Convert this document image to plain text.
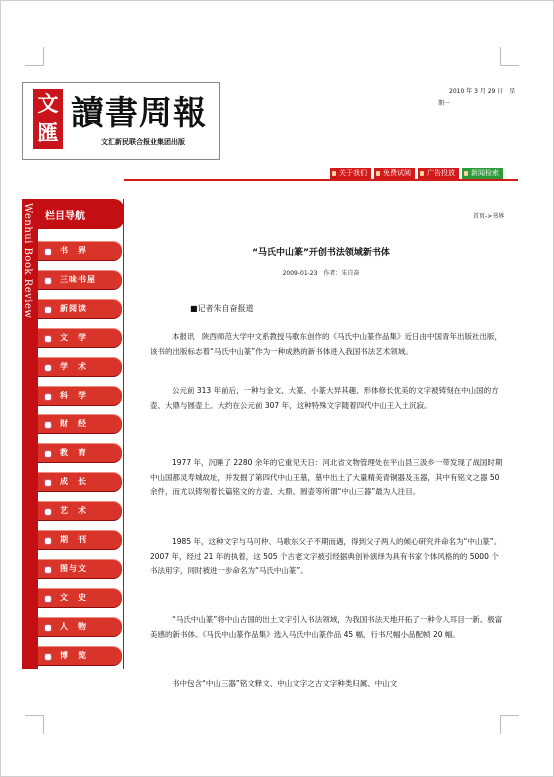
文
匯
讀書周報
文汇新民联合报业集团出版
2010 年 3 月 29 日　星
期一
关于我们	免费试阅	广告投放	新闻检索
Wenhui Book Review 栏目导航
书　界
三味书屋
新阅读
文　学
学　术
科　学
财　经
教　育
成　长
艺　术
期　刊
图与文
文　史
人　物
博　览
首页->书界
“马氏中山篆”开创书法领域新书体
2009-01-23　作者：朱自奋
■记者朱自奋报道

本报讯　陕西师范大学中文系教授马歌东创作的《马氏中山篆作品集》近日由中国青年出版社出版，该书的出版标志着“马氏中山篆”作为一种成熟的新书体进入我国书法艺术领域。

公元前 313 年前后，一种与金文、大篆、小篆大异其趣、形体修长优美的文字被铸刻在中山国的方壶、大鼎与圆壶上。大约在公元前 307 年，这种特殊文字随着四代中山王入土沉寂。

1977 年，沉睡了 2280 余年的它重见天日：河北省文物管理处在平山县三汲乡一带发现了战国时期中山国都灵寿城故址，并发掘了第四代中山王墓，墓中出土了大量精美青铜器及玉器，其中有铭文之器 50 余件，而尤以铸刻着长篇铭文的方壶、大鼎、圆壶等所谓“中山三器”最为人注目。

1985 年，这种文字与马可仲、马歌东父子不期而遇，得到父子两人的倾心研究并命名为“中山篆”。2007 年，经过 21 年的执着，这 505 个古老文字被引经据典创补演绎为具有书家个体风格的的 5000 个书法用字，同时被进一步命名为“马氏中山篆”。

“马氏中山篆”将中山古国的出土文字引入书法领域，为我国书法天地开拓了一种令人耳目一新、极富美感的新书体。《马氏中山篆作品集》选入马氏中山篆作品 45 幅，行书尺幅小品配帧 20 幅。

书中包含“中山三器”铭文释文、中山文字之古文字种类归属、中山文
